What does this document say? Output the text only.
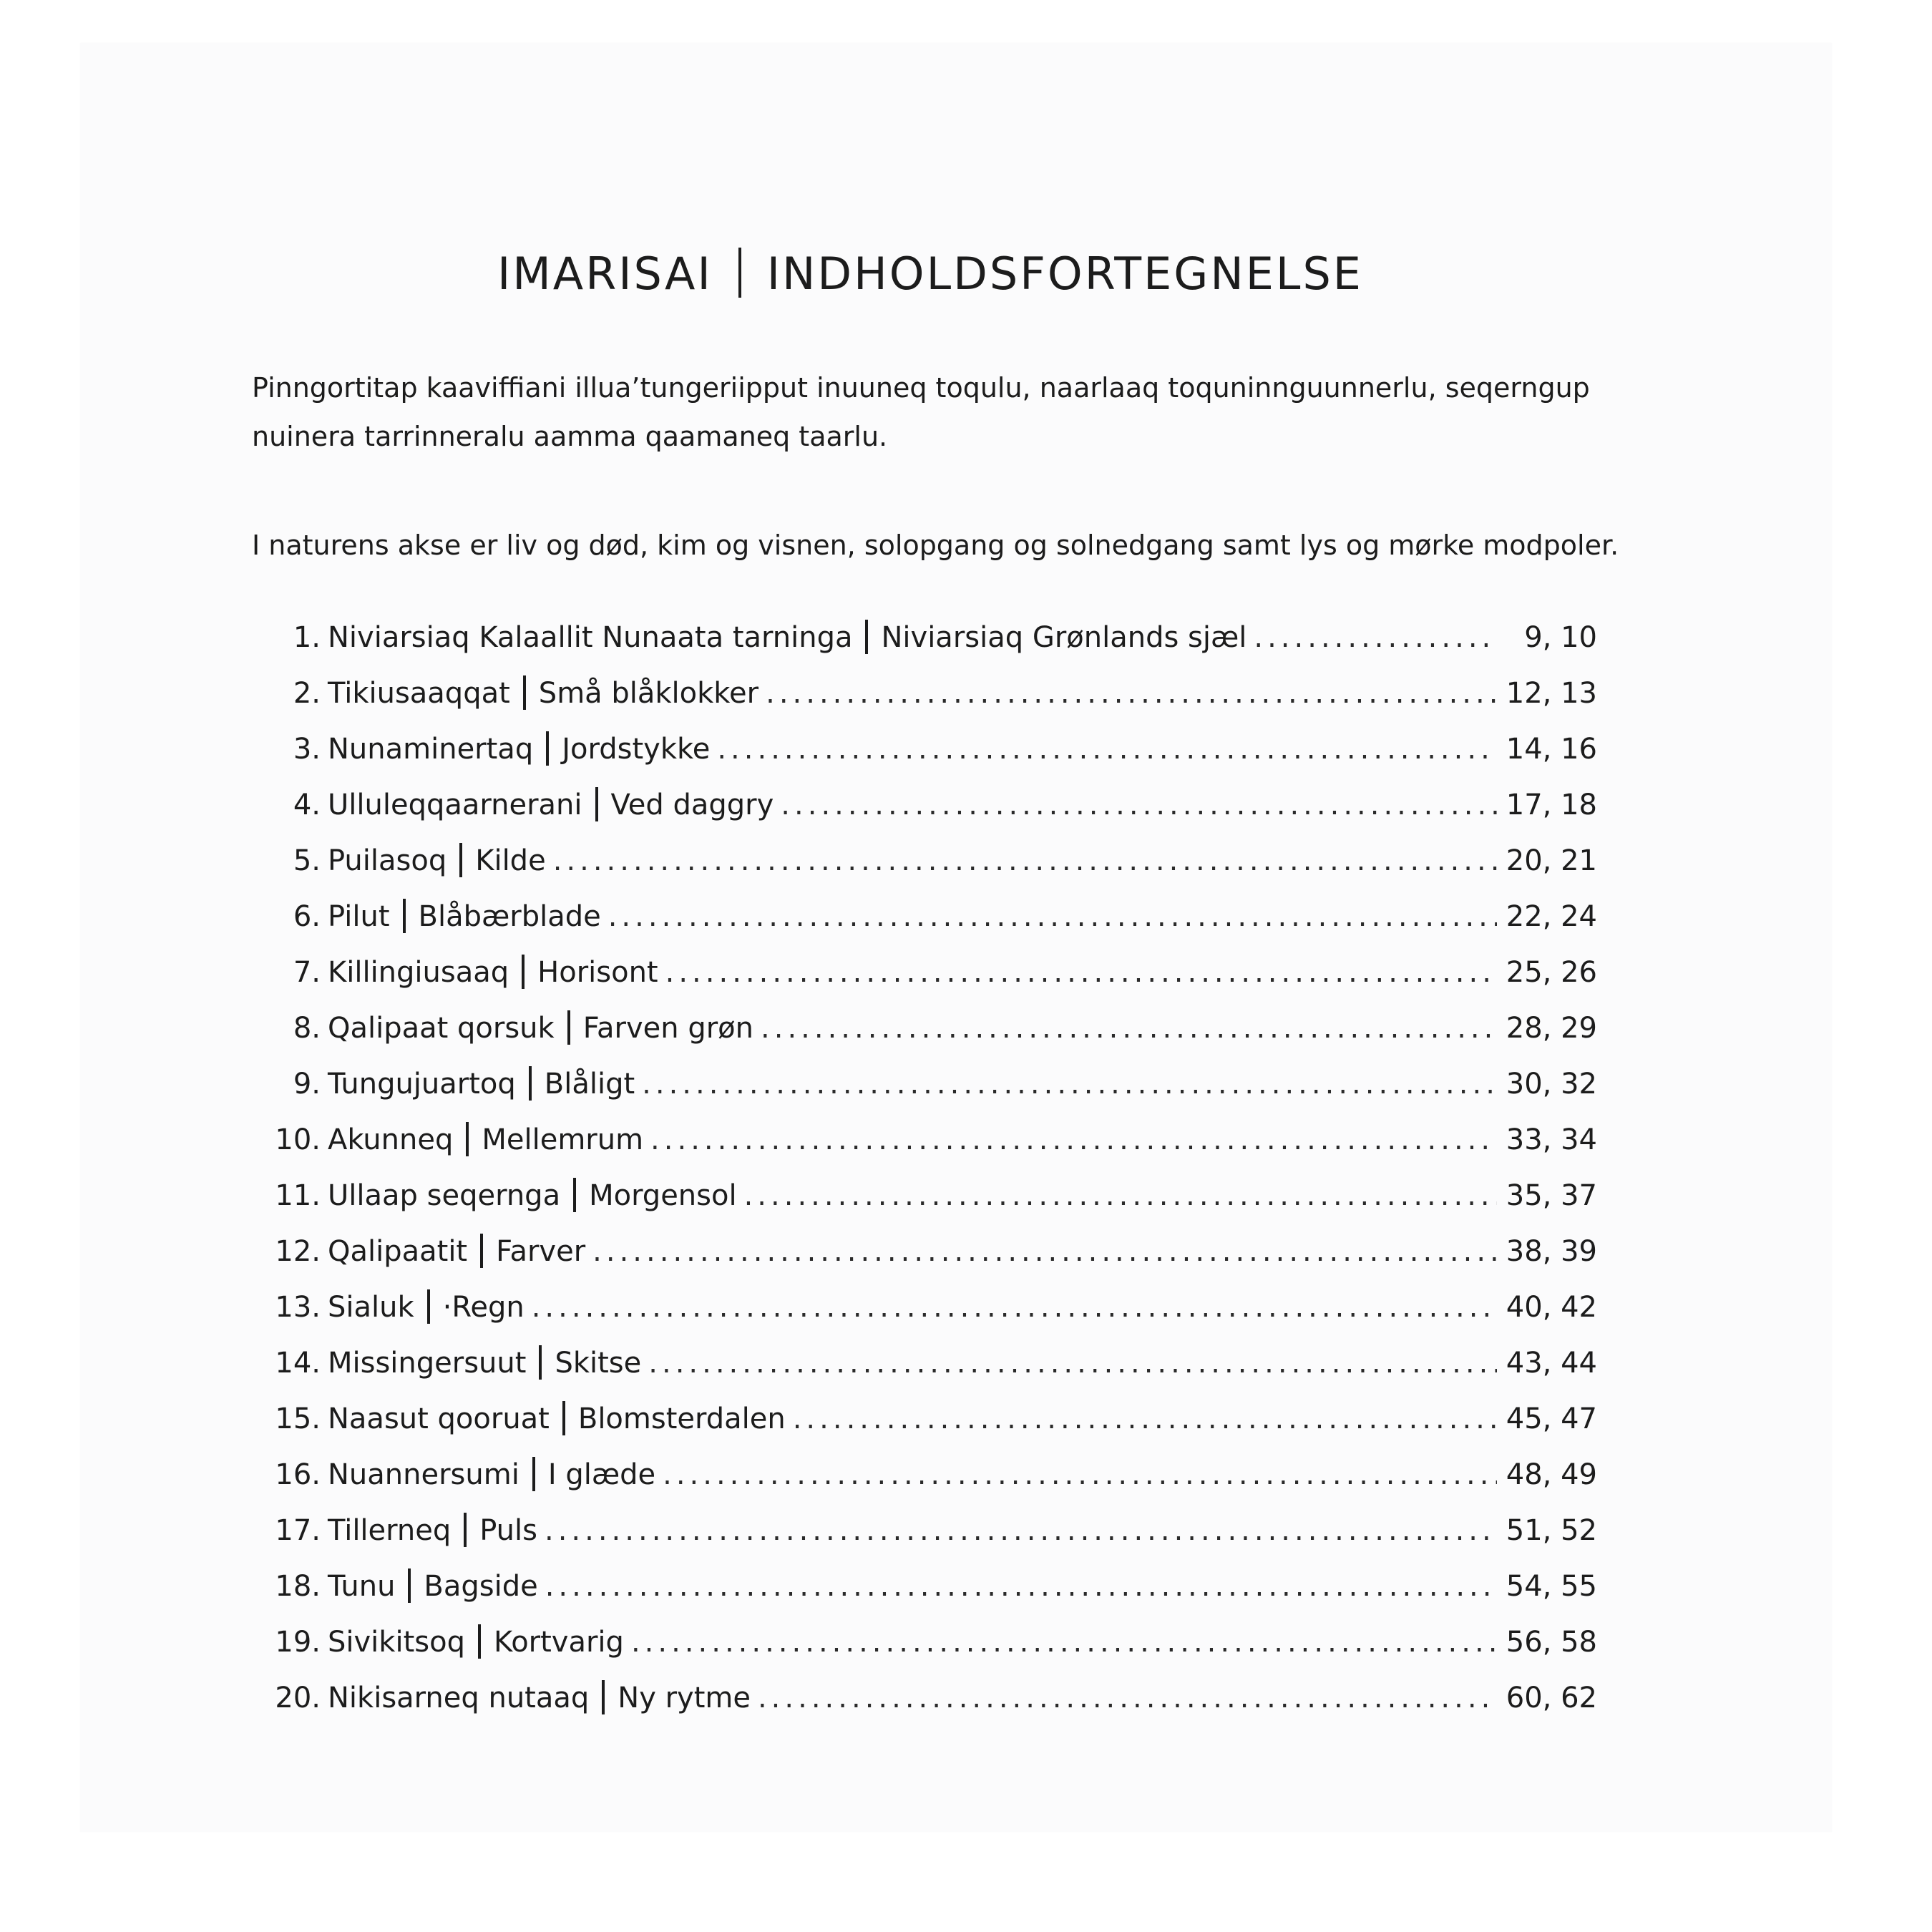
IMARISAI INDHOLDSFORTEGNELSE
Pinngortitap kaaviffiani illua’tungeriipput inuuneq toqulu, naarlaaq toquninnguunnerlu, seqerngup
nuinera tarrinneralu aamma qaamaneq taarlu.
I naturens akse er liv og død, kim og visnen, solopgang og solnedgang samt lys og mørke modpoler.
1. Niviarsiaq Kalaallit Nunaata tarninga Niviarsiaq Grønlands sjæl .....	9, 10
2. Tikiusaaqqat Små blåklokker .....	12, 13
3. Nunaminertaq Jordstykke .....	14, 16
4. Ulluleqqaarnerani Ved daggry .....	17, 18
5. Puilasoq Kilde .....	20, 21
6. Pilut Blåbærblade .....	22, 24
7. Killingiusaaq Horisont .....	25, 26
8. Qalipaat qorsuk Farven grøn .....	28, 29
9. Tungujuartoq Blåligt .....	30, 32
10. Akunneq Mellemrum .....	33, 34
11. Ullaap seqernga Morgensol .....	35, 37
12. Qalipaatit Farver .....	38, 39
13. Sialuk ·Regn .....	40, 42
14. Missingersuut Skitse .....	43, 44
15. Naasut qooruat Blomsterdalen .....	45, 47
16. Nuannersumi I glæde .....	48, 49
17. Tillerneq Puls .....	51, 52
18. Tunu Bagside .....	54, 55
19. Sivikitsoq Kortvarig .....	56, 58
20. Nikisarneq nutaaq Ny rytme .....	60, 62
